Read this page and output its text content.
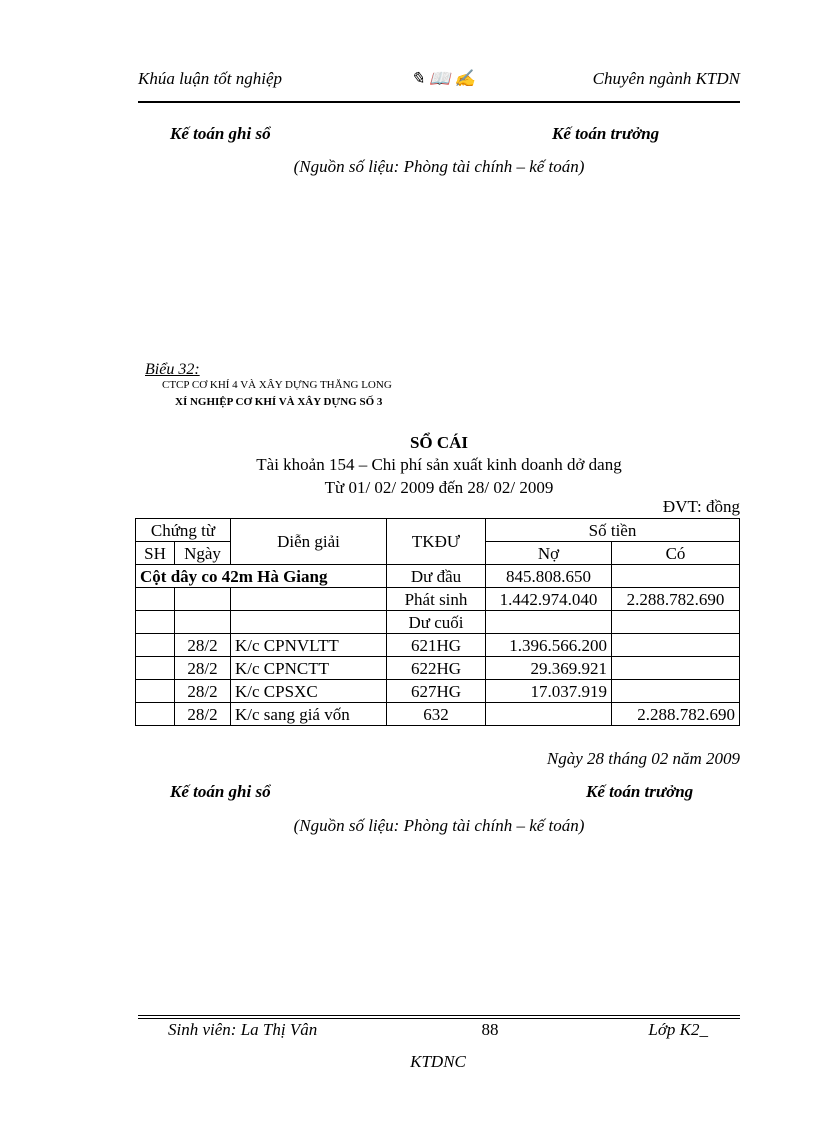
Khúa luận tốt nghiệp	✎ 📖 ✍	Chuyên ngành KTDN
Kế toán ghi sổ	Kế toán trưởng
(Nguồn số liệu: Phòng tài chính – kế toán)
Biểu 32:
CTCP CƠ KHÍ 4 VÀ XÂY DỰNG THĂNG LONG
XÍ NGHIỆP CƠ KHÍ VÀ XÂY DỰNG SỐ 3
SỔ CÁI
Tài khoản 154 – Chi phí sản xuất kinh doanh dở dang
Từ 01/ 02/ 2009 đến 28/ 02/ 2009
ĐVT: đồng
Chứng từ		Diễn giải	TKĐƯ	Số tiền	
SH	Ngày			Nợ	Có
Cột dây co 42m Hà Giang			Dư đầu	845.808.650	
			Phát sinh	1.442.974.040	2.288.782.690
			Dư cuối		
	28/2	K/c CPNVLTT	621HG	1.396.566.200	
	28/2	K/c CPNCTT	622HG	29.369.921	
	28/2	K/c CPSXC	627HG	17.037.919	
	28/2	K/c sang giá vốn	632		2.288.782.690
Ngày 28 tháng 02 năm 2009
Kế toán ghi sổ	Kế toán trưởng
(Nguồn số liệu: Phòng tài chính – kế toán)
Sinh viên: La Thị Vân	88	Lớp K2_
KTDNC
